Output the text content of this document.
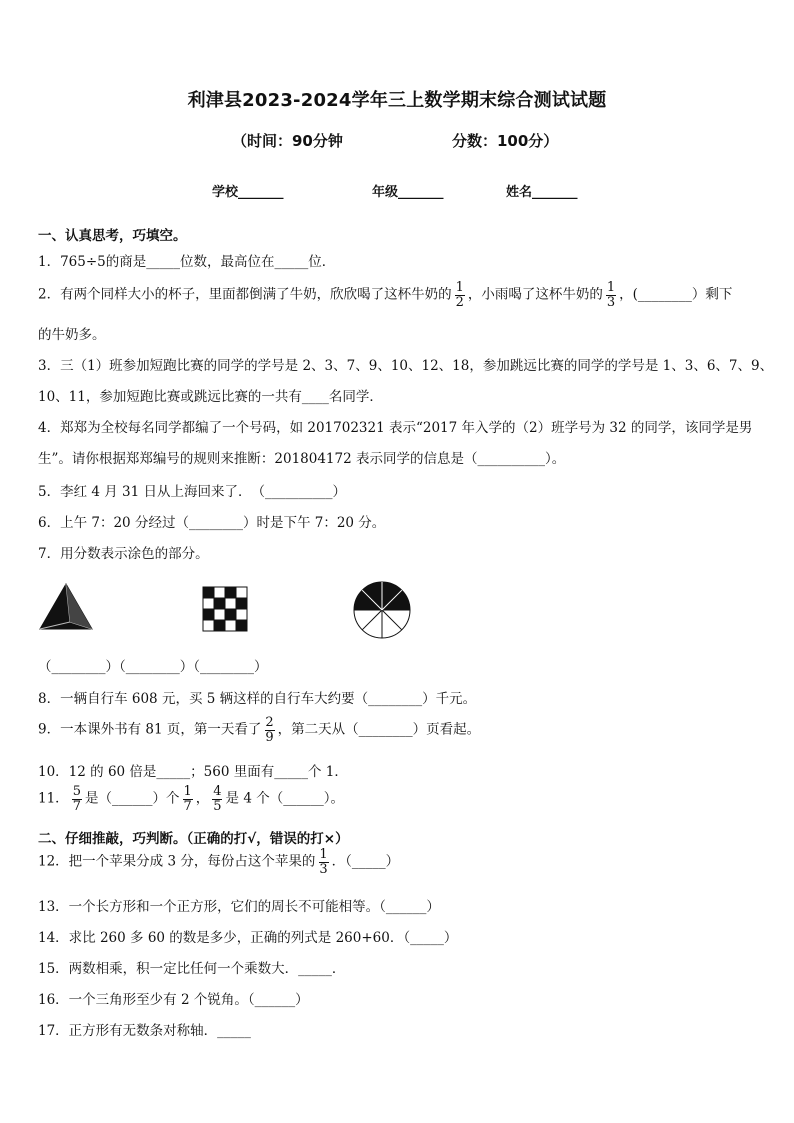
利津县2023-2024学年三上数学期末综合测试试题
（时间：90分钟	分数：100分）
学校_______	年级_______	姓名_______
一、认真思考，巧填空。
1．765÷5的商是_____位数，最高位在_____位．
2．有两个同样大小的杯子，里面都倒满了牛奶，欣欣喝了这杯牛奶的 $\frac{1}{2}$ ，小雨喝了这杯牛奶的 $\frac{1}{3}$ ，(________）剩下
的牛奶多。
3．三（1）班参加短跑比赛的同学的学号是 2、3、7、9、10、12、18，参加跳远比赛的同学的学号是 1、3、6、7、9、
10、11，参加短跑比赛或跳远比赛的一共有____名同学．
4．郑郑为全校每名同学都编了一个号码，如 201702321 表示“2017 年入学的（2）班学号为 32 的同学，该同学是男
生”。请你根据郑郑编号的规则来推断：201804172 表示同学的信息是（__________）。
5．李红 4 月 31 日从上海回来了．　（__________）
6．上午 7：20 分经过（________）时是下午 7：20 分。
7．用分数表示涂色的部分。
（________）（________）（________）
8．一辆自行车 608 元，买 5 辆这样的自行车大约要（________）千元。
9．一本课外书有 81 页，第一天看了 $\frac{2}{9}$ ，第二天从（________）页看起。
10．12 的 60 倍是_____；560 里面有_____个 1．
11． $\frac{5}{7}$ 是（______）个 $\frac{1}{7}$ ， $\frac{4}{5}$ 是 4 个（______）。
二、仔细推敲，巧判断。（正确的打√，错误的打×）
12．把一个苹果分成 3 分，每份占这个苹果的 $\frac{1}{3}$ ．（_____）
13．一个长方形和一个正方形，它们的周长不可能相等。（______）
14．求比 260 多 60 的数是多少，正确的列式是 260+60．（_____）
15．两数相乘，积一定比任何一个乘数大．_____．
16．一个三角形至少有 2 个锐角。（______）
17．正方形有无数条对称轴．_____
